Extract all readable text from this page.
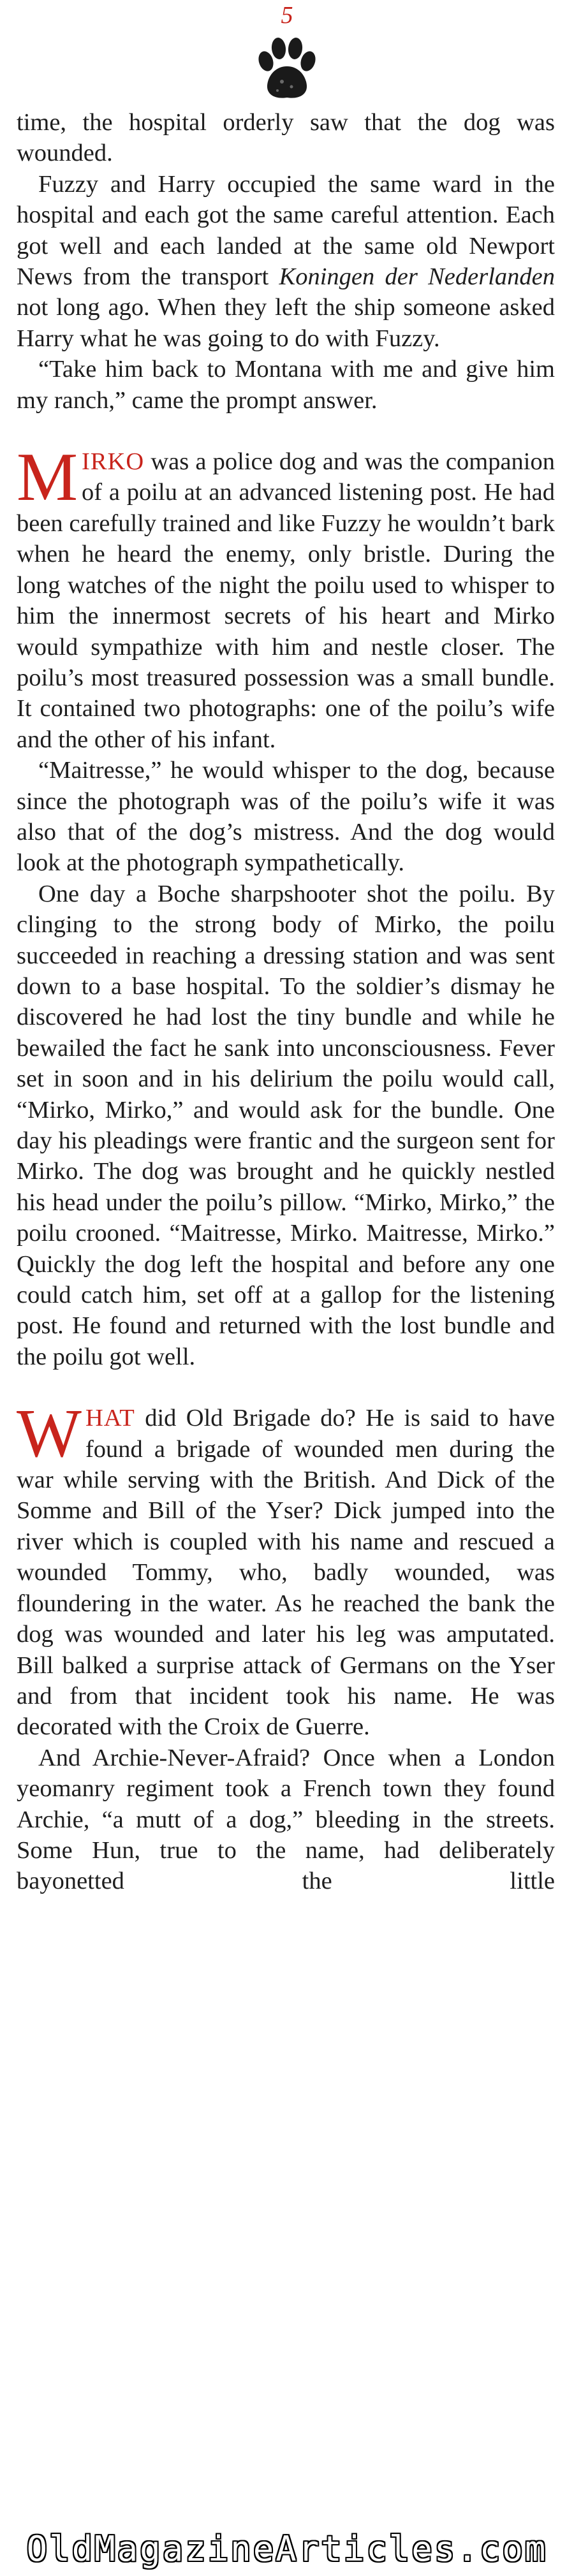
5

time, the hospital orderly saw that the dog was wounded.

Fuzzy and Harry occupied the same ward in the hospital and each got the same careful attention. Each got well and each landed at the same old Newport News from the transport Koningen der Nederlanden not long ago. When they left the ship someone asked Harry what he was going to do with Fuzzy.

“Take him back to Montana with me and give him my ranch,” came the prompt answer.

MIRKO was a police dog and was the companion of a poilu at an advanced listening post. He had been carefully trained and like Fuzzy he wouldn’t bark when he heard the enemy, only bristle. During the long watches of the night the poilu used to whisper to him the innermost secrets of his heart and Mirko would sympathize with him and nestle closer. The poilu’s most treasured possession was a small bundle. It contained two photographs: one of the poilu’s wife and the other of his infant.

“Maitresse,” he would whisper to the dog, because since the photograph was of the poilu’s wife it was also that of the dog’s mistress. And the dog would look at the photograph sympathetically.

One day a Boche sharpshooter shot the poilu. By clinging to the strong body of Mirko, the poilu succeeded in reaching a dressing station and was sent down to a base hospital. To the soldier’s dismay he discovered he had lost the tiny bundle and while he bewailed the fact he sank into unconsciousness. Fever set in soon and in his delirium the poilu would call, “Mirko, Mirko,” and would ask for the bundle. One day his pleadings were frantic and the surgeon sent for Mirko. The dog was brought and he quickly nestled his head under the poilu’s pillow. “Mirko, Mirko,” the poilu crooned. “Maitresse, Mirko. Maitresse, Mirko.” Quickly the dog left the hospital and before any one could catch him, set off at a gallop for the listening post. He found and returned with the lost bundle and the poilu got well.

WHAT did Old Brigade do? He is said to have found a brigade of wounded men during the war while serving with the British. And Dick of the Somme and Bill of the Yser? Dick jumped into the river which is coupled with his name and rescued a wounded Tommy, who, badly wounded, was floundering in the water. As he reached the bank the dog was wounded and later his leg was amputated. Bill balked a surprise attack of Germans on the Yser and from that incident took his name. He was decorated with the Croix de Guerre.

And Archie-Never-Afraid? Once when a London yeomanry regiment took a French town they found Archie, “a mutt of a dog,” bleeding in the streets. Some Hun, true to the name, had deliberately bayonetted the little

OldMagazineArticles.com
